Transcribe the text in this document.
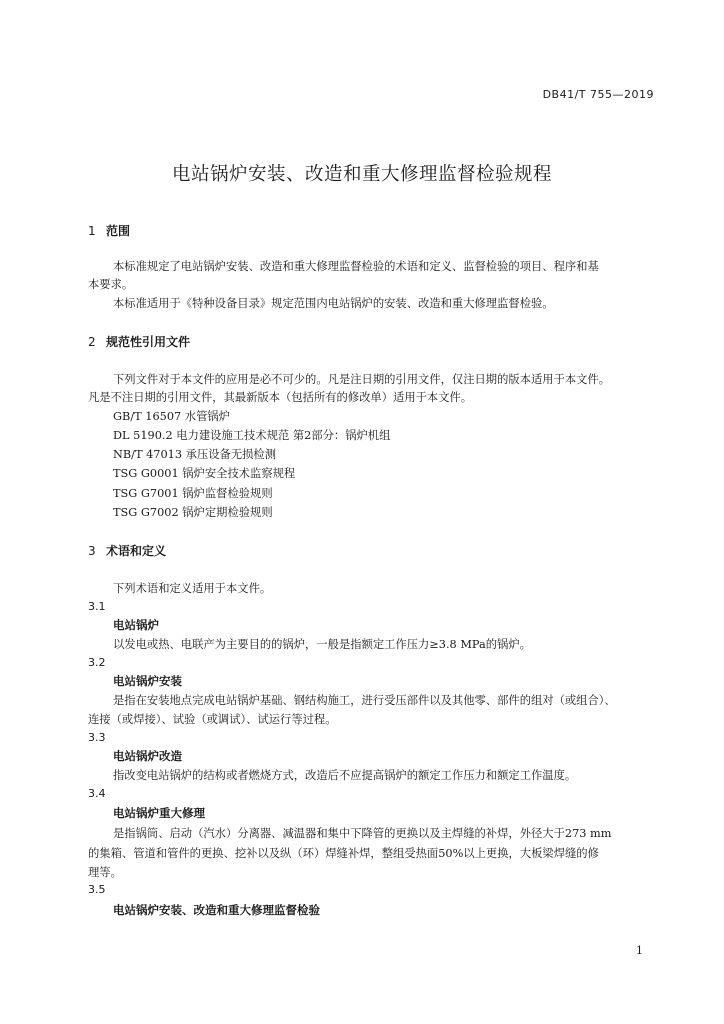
DB41/T 755—2019
电站锅炉安装、改造和重大修理监督检验规程
1 范围
本标准规定了电站锅炉安装、改造和重大修理监督检验的术语和定义、监督检验的项目、程序和基
本要求。
本标准适用于《特种设备目录》规定范围内电站锅炉的安装、改造和重大修理监督检验。
2 规范性引用文件
下列文件对于本文件的应用是必不可少的。凡是注日期的引用文件，仅注日期的版本适用于本文件。
凡是不注日期的引用文件，其最新版本（包括所有的修改单）适用于本文件。
GB/T 16507 水管锅炉
DL 5190.2 电力建设施工技术规范 第2部分：锅炉机组
NB/T 47013 承压设备无损检测
TSG G0001 锅炉安全技术监察规程
TSG G7001 锅炉监督检验规则
TSG G7002 锅炉定期检验规则
3 术语和定义
下列术语和定义适用于本文件。
3.1
电站锅炉
以发电或热、电联产为主要目的的锅炉，一般是指额定工作压力≥3.8 MPa的锅炉。
3.2
电站锅炉安装
是指在安装地点完成电站锅炉基础、钢结构施工，进行受压部件以及其他零、部件的组对（或组合）、
连接（或焊接）、试验（或调试）、试运行等过程。
3.3
电站锅炉改造
指改变电站锅炉的结构或者燃烧方式，改造后不应提高锅炉的额定工作压力和额定工作温度。
3.4
电站锅炉重大修理
是指锅筒、启动（汽水）分离器、减温器和集中下降管的更换以及主焊缝的补焊，外径大于273 mm
的集箱、管道和管件的更换、挖补以及纵（环）焊缝补焊，整组受热面50%以上更换，大板梁焊缝的修
理等。
3.5
电站锅炉安装、改造和重大修理监督检验
1
